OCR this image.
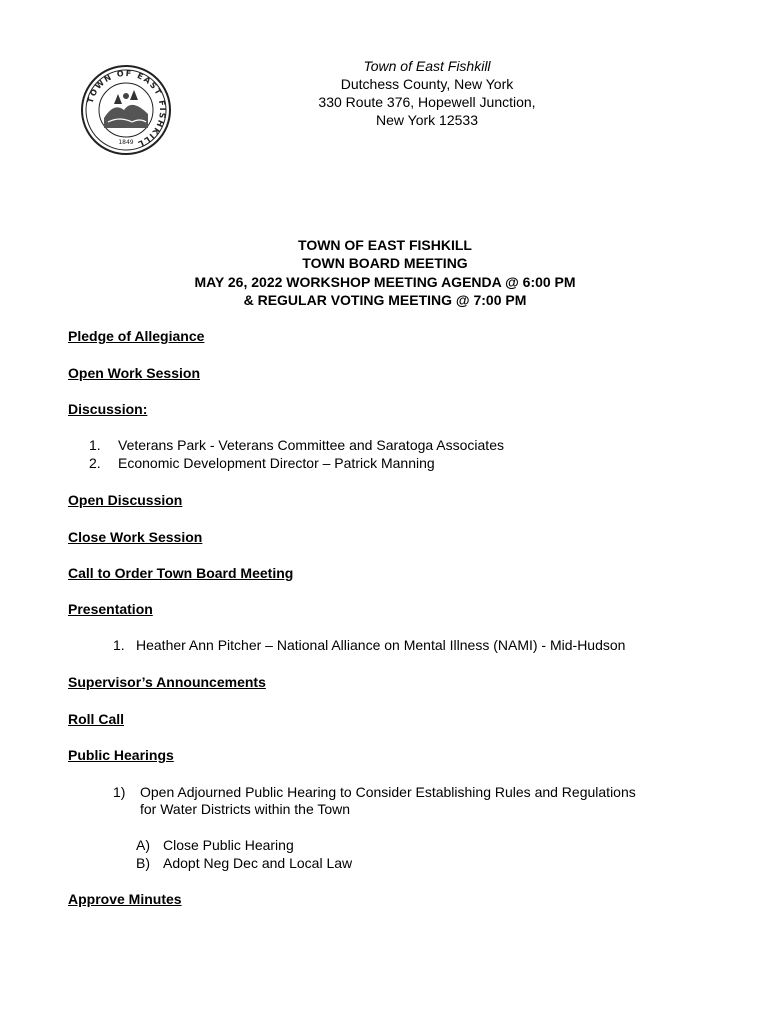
TOWN OF EAST FISHKILL
1849
Town of East Fishkill
Dutchess County, New York
330 Route 376, Hopewell Junction,
New York 12533
TOWN OF EAST FISHKILL
TOWN BOARD MEETING
MAY 26, 2022 WORKSHOP MEETING AGENDA @ 6:00 PM
& REGULAR VOTING MEETING @ 7:00 PM
Pledge of Allegiance
Open Work Session
Discussion:
1. Veterans Park - Veterans Committee and Saratoga Associates
2. Economic Development Director – Patrick Manning
Open Discussion
Close Work Session
Call to Order Town Board Meeting
Presentation
1. Heather Ann Pitcher – National Alliance on Mental Illness (NAMI) - Mid-Hudson
Supervisor’s Announcements
Roll Call
Public Hearings
1) Open Adjourned Public Hearing to Consider Establishing Rules and Regulations
for Water Districts within the Town
A) Close Public Hearing
B) Adopt Neg Dec and Local Law
Approve Minutes
